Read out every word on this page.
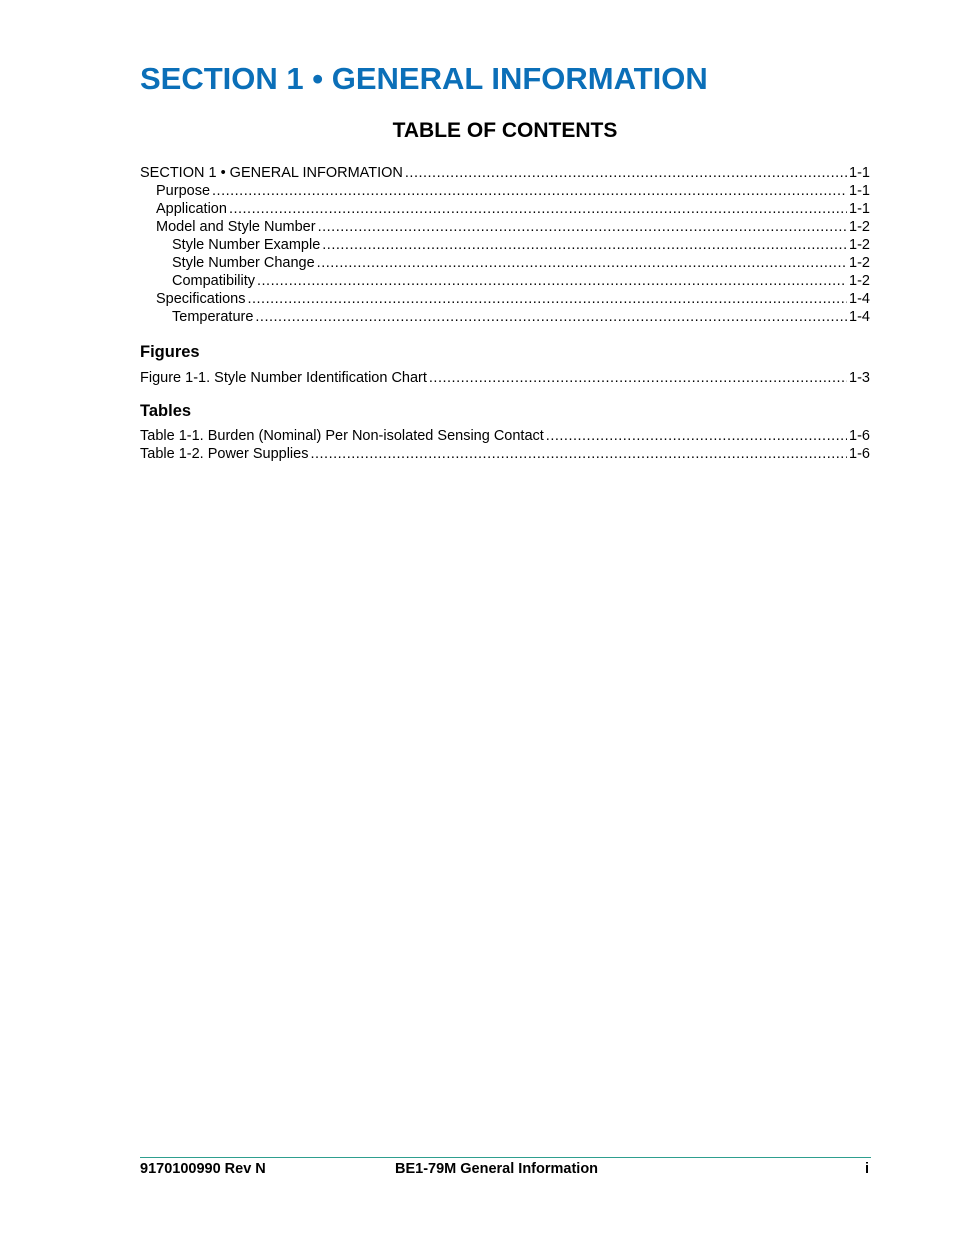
SECTION 1 • GENERAL INFORMATION
TABLE OF CONTENTS
SECTION 1 • GENERAL INFORMATION .....	1-1
Purpose .....	1-1
Application .....	1-1
Model and Style Number .....	1-2
Style Number Example .....	1-2
Style Number Change .....	1-2
Compatibility .....	1-2
Specifications .....	1-4
Temperature .....	1-4
Figures
Figure 1-1. Style Number Identification Chart .....	1-3
Tables
Table 1-1. Burden (Nominal) Per Non-isolated Sensing Contact .....	1-6
Table 1-2. Power Supplies .....	1-6
9170100990 Rev N	BE1-79M General Information	i
